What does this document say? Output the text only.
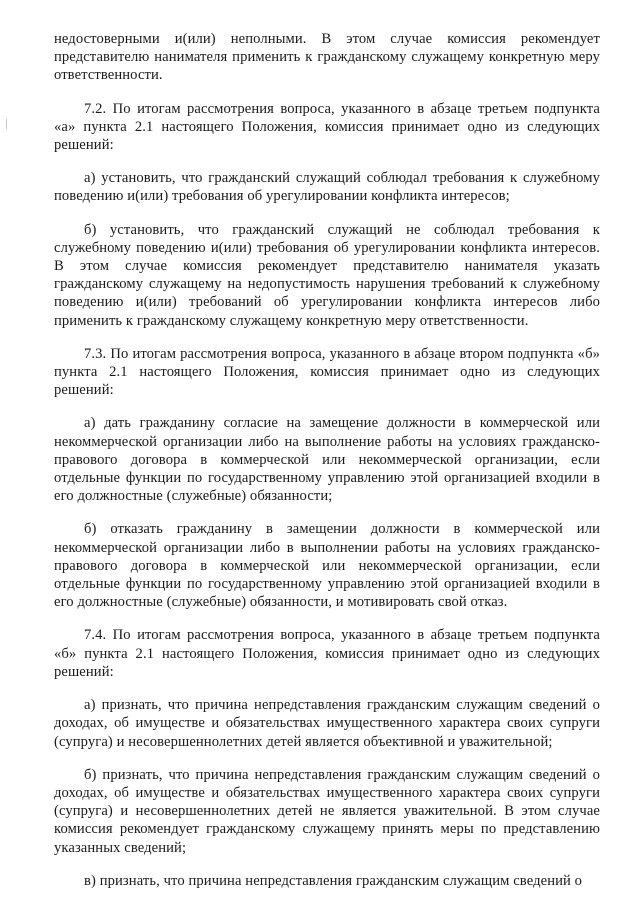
недостоверными и(или) неполными. В этом случае комиссия рекомендует представителю нанимателя применить к гражданскому служащему конкретную меру ответственности.

7.2. По итогам рассмотрения вопроса, указанного в абзаце третьем подпункта «а» пункта 2.1 настоящего Положения, комиссия принимает одно из следующих решений:

а) установить, что гражданский служащий соблюдал требования к служебному поведению и(или) требования об урегулировании конфликта интересов;

б) установить, что гражданский служащий не соблюдал требования к служебному поведению и(или) требования об урегулировании конфликта интересов. В этом случае комиссия рекомендует представителю нанимателя указать гражданскому служащему на недопустимость нарушения требований к служебному поведению и(или) требований об урегулировании конфликта интересов либо применить к гражданскому служащему конкретную меру ответственности.

7.3. По итогам рассмотрения вопроса, указанного в абзаце втором подпункта «б» пункта 2.1 настоящего Положения, комиссия принимает одно из следующих решений:

а) дать гражданину согласие на замещение должности в коммерческой или некоммерческой организации либо на выполнение работы на условиях гражданско-правового договора в коммерческой или некоммерческой организации, если отдельные функции по государственному управлению этой организацией входили в его должностные (служебные) обязанности;

б) отказать гражданину в замещении должности в коммерческой или некоммерческой организации либо в выполнении работы на условиях гражданско-правового договора в коммерческой или некоммерческой организации, если отдельные функции по государственному управлению этой организацией входили в его должностные (служебные) обязанности, и мотивировать свой отказ.

7.4. По итогам рассмотрения вопроса, указанного в абзаце третьем подпункта «б» пункта 2.1 настоящего Положения, комиссия принимает одно из следующих решений:

а) признать, что причина непредставления гражданским служащим сведений о доходах, об имуществе и обязательствах имущественного характера своих супруги (супруга) и несовершеннолетних детей является объективной и уважительной;

б) признать, что причина непредставления гражданским служащим сведений о доходах, об имуществе и обязательствах имущественного характера своих супруги (супруга) и несовершеннолетних детей не является уважительной. В этом случае комиссия рекомендует гражданскому служащему принять меры по представлению указанных сведений;

в) признать, что причина непредставления гражданским служащим сведений о
